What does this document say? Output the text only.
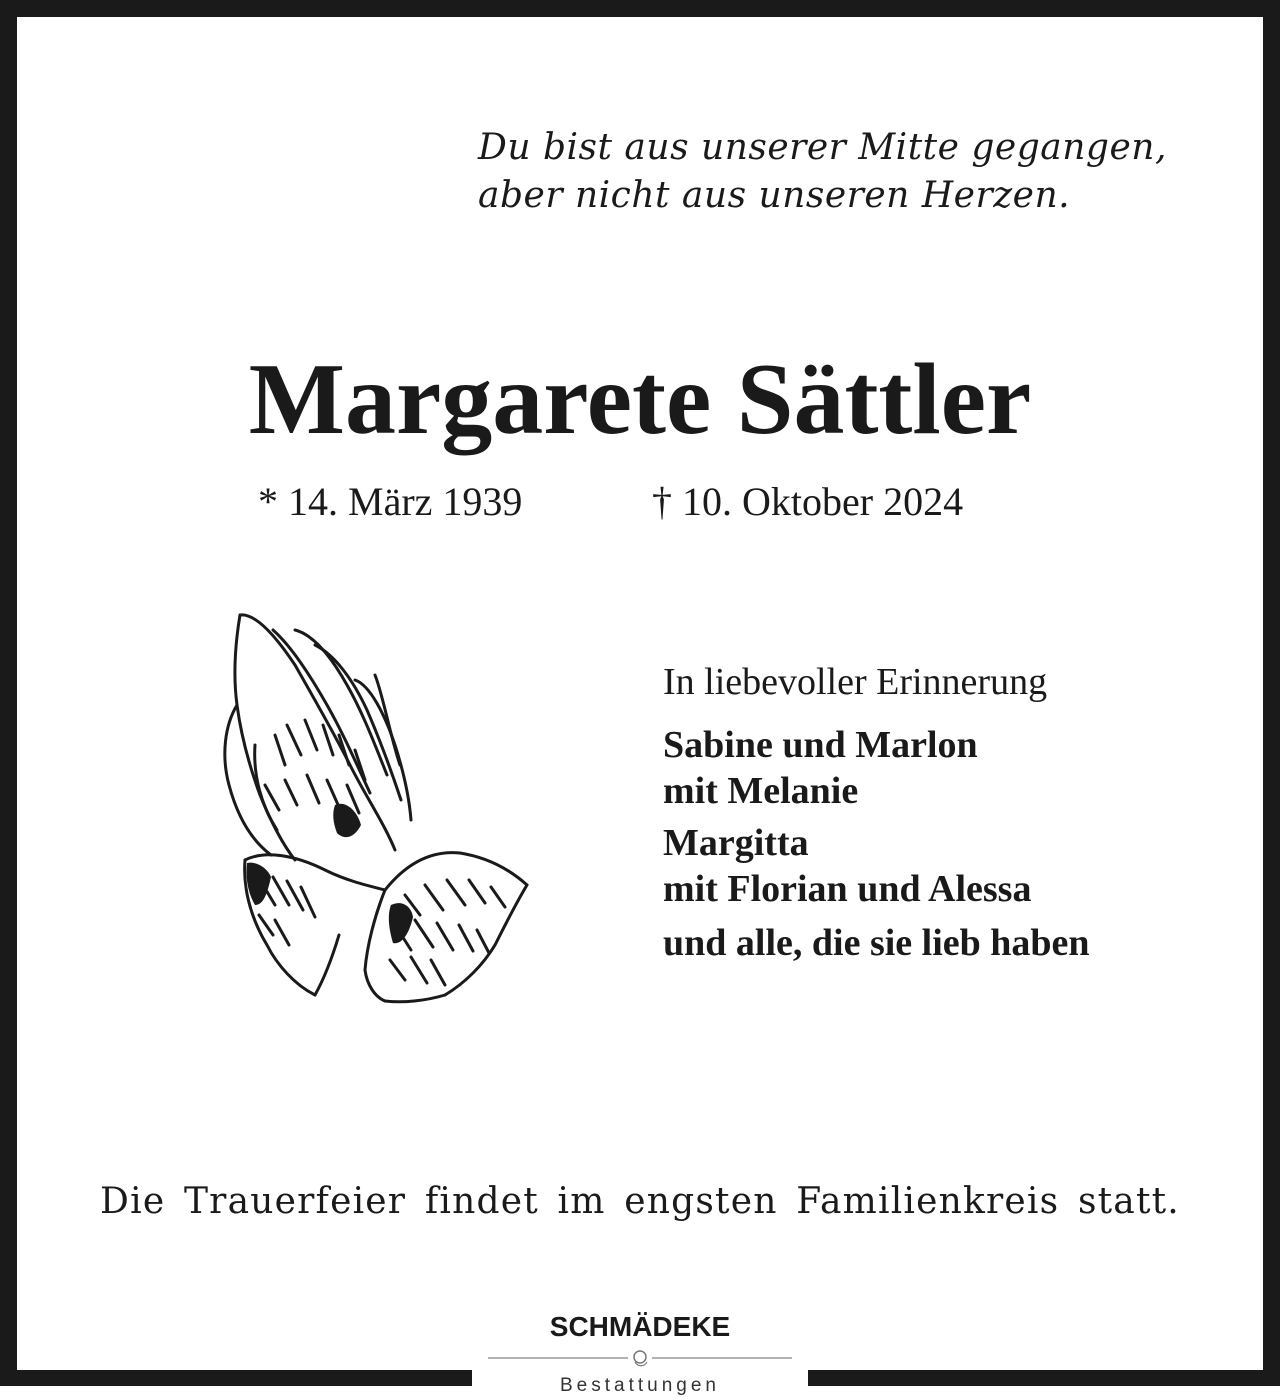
Du bist aus unserer Mitte gegangen,
aber nicht aus unseren Herzen.
Margarete Sättler
* 14. März 1939	† 10. Oktober 2024
In liebevoller Erinnerung
Sabine und Marlon
mit Melanie
Margitta
mit Florian und Alessa
und alle, die sie lieb haben
Die Trauerfeier findet im engsten Familienkreis statt.
SCHMÄDEKE
Bestattungen
